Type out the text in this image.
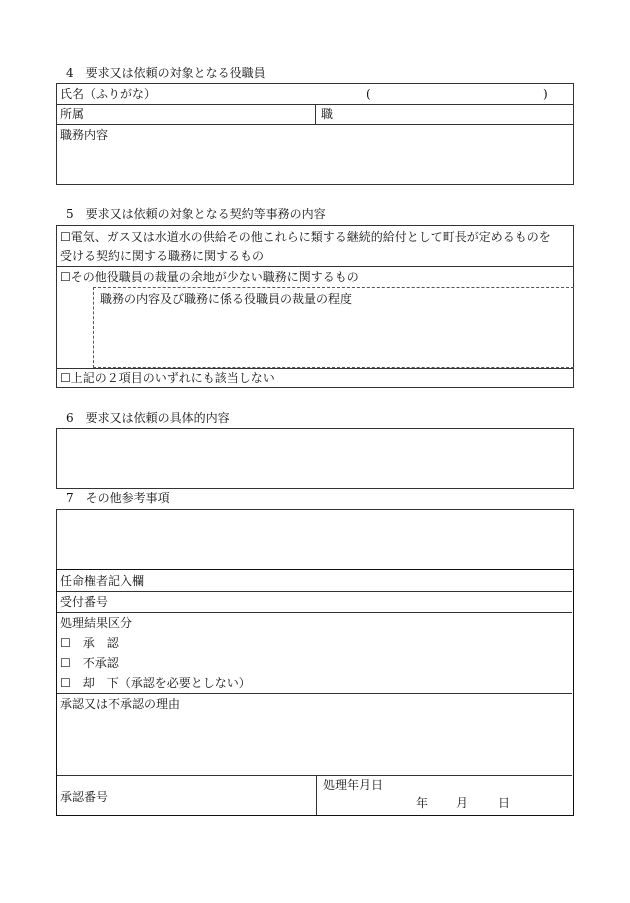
4　要求又は依頼の対象となる役職員
氏名（ふりがな）	(	)
所属	職
職務内容
5　要求又は依頼の対象となる契約等事務の内容
☐電気、ガス又は水道水の供給その他これらに類する継続的給付として町長が定めるものを
受ける契約に関する職務に関するもの
☐その他役職員の裁量の余地が少ない職務に関するもの
職務の内容及び職務に係る役職員の裁量の程度
☐上記の２項目のいずれにも該当しない
6　要求又は依頼の具体的内容
7　その他参考事項
任命権者記入欄
受付番号
処理結果区分
☐　承　認
☐　不承認
☐　却　下（承認を必要としない）
承認又は不承認の理由
承認番号
処理年月日
年 月 日
